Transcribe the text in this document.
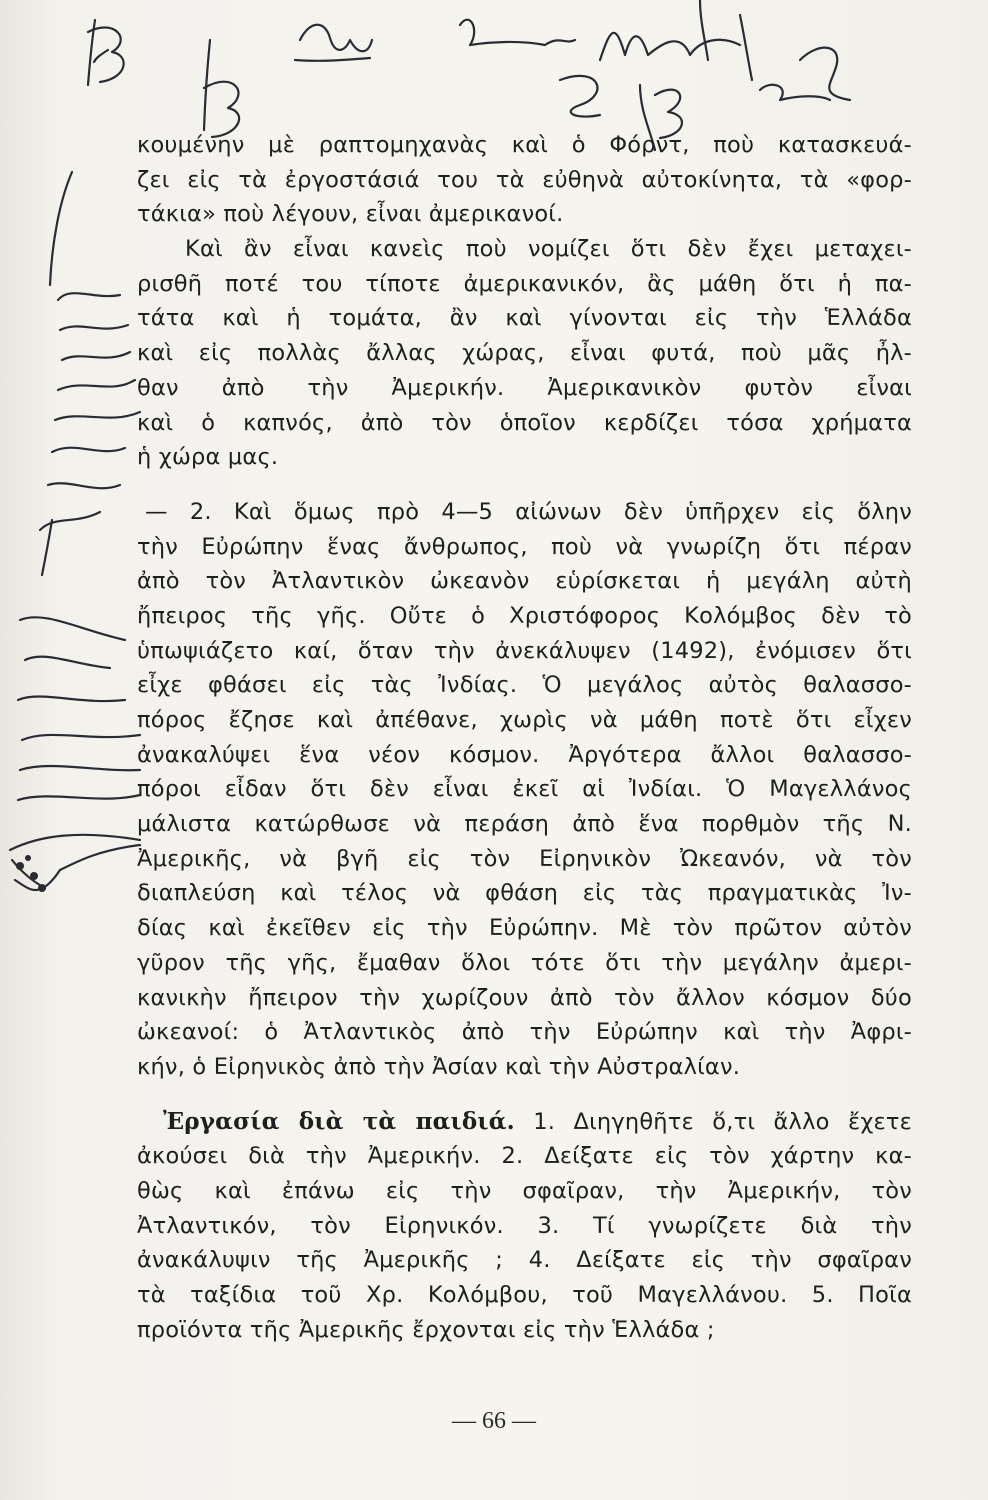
κουμένην μὲ ραπτομηχανὰς καὶ ὁ Φόρντ, ποὺ κατασκευά-
ζει εἰς τὰ ἐργοστάσιά του τὰ εὐθηνὰ αὐτοκίνητα, τὰ «φορ-
τάκια» ποὺ λέγουν, εἶναι ἀμερικανοί.
Καὶ ἂν εἶναι κανεὶς ποὺ νομίζει ὅτι δὲν ἔχει μεταχει-
ρισθῆ ποτέ του τίποτε ἀμερικανικόν, ἂς μάθη ὅτι ἡ πα-
τάτα καὶ ἡ τομάτα, ἂν καὶ γίνονται εἰς τὴν Ἑλλάδα
καὶ εἰς πολλὰς ἄλλας χώρας, εἶναι φυτά, ποὺ μᾶς ἦλ-
θαν ἀπὸ τὴν Ἀμερικήν. Ἀμερικανικὸν φυτὸν εἶναι
καὶ ὁ καπνός, ἀπὸ τὸν ὁποῖον κερδίζει τόσα χρήματα
ἡ χώρα μας.
— 2. Καὶ ὅμως πρὸ 4—5 αἰώνων δὲν ὑπῆρχεν εἰς ὅλην
τὴν Εὐρώπην ἕνας ἄνθρωπος, ποὺ νὰ γνωρίζη ὅτι πέραν
ἀπὸ τὸν Ἀτλαντικὸν ὠκεανὸν εὑρίσκεται ἡ μεγάλη αὐτὴ
ἤπειρος τῆς γῆς. Οὔτε ὁ Χριστόφορος Κολόμβος δὲν τὸ
ὑπωψιάζετο καί, ὅταν τὴν ἀνεκάλυψεν (1492), ἐνόμισεν ὅτι
εἶχε φθάσει εἰς τὰς Ἰνδίας. Ὁ μεγάλος αὐτὸς θαλασσο-
πόρος ἔζησε καὶ ἀπέθανε, χωρὶς νὰ μάθη ποτὲ ὅτι εἶχεν
ἀνακαλύψει ἕνα νέον κόσμον. Ἀργότερα ἄλλοι θαλασσο-
πόροι εἶδαν ὅτι δὲν εἶναι ἐκεῖ αἱ Ἰνδίαι. Ὁ Μαγελλάνος
μάλιστα κατώρθωσε νὰ περάση ἀπὸ ἕνα πορθμὸν τῆς Ν.
Ἀμερικῆς, νὰ βγῆ εἰς τὸν Εἰρηνικὸν Ὠκεανόν, νὰ τὸν
διαπλεύση καὶ τέλος νὰ φθάση εἰς τὰς πραγματικὰς Ἰν-
δίας καὶ ἐκεῖθεν εἰς τὴν Εὐρώπην. Μὲ τὸν πρῶτον αὐτὸν
γῦρον τῆς γῆς, ἔμαθαν ὅλοι τότε ὅτι τὴν μεγάλην ἀμερι-
κανικὴν ἤπειρον τὴν χωρίζουν ἀπὸ τὸν ἄλλον κόσμον δύο
ὠκεανοί: ὁ Ἀτλαντικὸς ἀπὸ τὴν Εὐρώπην καὶ τὴν Ἀφρι-
κήν, ὁ Εἰρηνικὸς ἀπὸ τὴν Ἀσίαν καὶ τὴν Αὐστραλίαν.
Ἐργασία διὰ τὰ παιδιά. 1. Διηγηθῆτε ὅ,τι ἄλλο ἔχετε
ἀκούσει διὰ τὴν Ἀμερικήν. 2. Δείξατε εἰς τὸν χάρτην κα-
θὼς καὶ ἐπάνω εἰς τὴν σφαῖραν, τὴν Ἀμερικήν, τὸν
Ἀτλαντικόν, τὸν Εἰρηνικόν. 3. Τί γνωρίζετε διὰ τὴν
ἀνακάλυψιν τῆς Ἀμερικῆς ; 4. Δείξατε εἰς τὴν σφαῖραν
τὰ ταξίδια τοῦ Χρ. Κολόμβου, τοῦ Μαγελλάνου. 5. Ποῖα
προϊόντα τῆς Ἀμερικῆς ἔρχονται εἰς τὴν Ἑλλάδα ;
— 66 —
